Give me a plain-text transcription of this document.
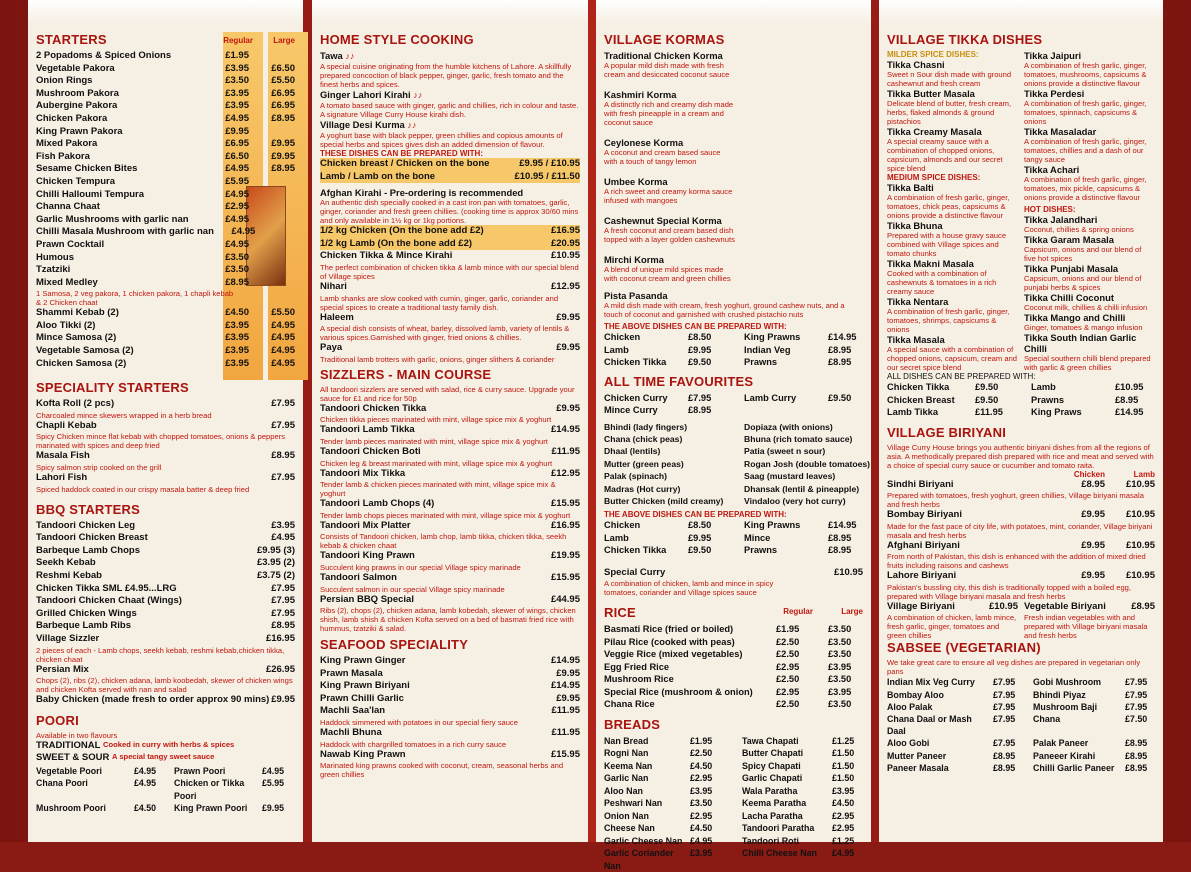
STARTERS	Regular	Large
2 Popadoms & Spiced Onions	£1.95
Vegetable Pakora	£3.95	£6.50
Onion Rings	£3.50	£5.50
Mushroom Pakora	£3.95	£6.95
Aubergine Pakora	£3.95	£6.95
Chicken Pakora	£4.95	£8.95
King Prawn Pakora	£9.95
Mixed Pakora	£6.95	£9.95
Fish Pakora	£6.50	£9.95
Sesame Chicken Bites	£4.95	£8.95
Chicken Tempura	£5.95
Chilli Halloumi Tempura	£4.95
Channa Chaat	£2.95
Garlic Mushrooms with garlic nan	£4.95
Chilli Masala Mushroom with garlic nan	£4.95
Prawn Cocktail	£4.95
Humous	£3.50
Tzatziki	£3.50
Mixed Medley	£8.95
1 Samosa, 2 veg pakora, 1 chicken pakora, 1 chapli kebab & 2 Chicken chaat
Shammi Kebab (2)	£4.50	£5.50
Aloo Tikki (2)	£3.95	£4.95
Mince Samosa (2)	£3.95	£4.95
Vegetable Samosa (2)	£3.95	£4.95
Chicken Samosa (2)	£3.95	£4.95
SPECIALITY STARTERS
Kofta Roll (2 pcs)	£7.95
Charcoaled mince skewers wrapped in a herb bread
Chapli Kebab	£7.95
Spicy Chicken mince flat kebab with chopped tomatoes, onions & peppers marinated with spices and deep fried
Masala Fish	£8.95
Spicy salmon strip cooked on the grill
Lahori Fish	£7.95
Spiced haddock coated in our crispy masala batter & deep fried
BBQ STARTERS
Tandoori Chicken Leg	£3.95
Tandoori Chicken Breast	£4.95
Barbeque Lamb Chops	£9.95 (3)
Seekh Kebab	£3.95 (2)
Reshmi Kebab	£3.75 (2)
Chicken Tikka SML £4.95...LRG	£7.95
Tandoori Chicken Chaat (Wings)	£7.95
Grilled Chicken Wings	£7.95
Barbeque Lamb Ribs	£8.95
Village Sizzler	£16.95
2 pieces of each - Lamb chops, seekh kebab, reshmi kebab,chicken tikka, chicken chaat
Persian Mix	£26.95
Chops (2), ribs (2), chicken adana, lamb koobedah, skewer of chicken wings and chicken Kofta served with nan and salad
Baby Chicken (made fresh to order approx 90 mins) £9.95
POORI
Available in two flavours
TRADITIONAL
Cooked in curry with herbs & spices
SWEET & SOUR
A special tangy sweet sauce
Vegetable Poori	£4.95	Prawn Poori	£4.95
Chana Poori	£4.95	Chicken or Tikka Poori
£5.95
Mushroom Poori	£4.50	King Prawn Poori	£9.95
HOME STYLE COOKING
Tawa ♪♪
A special cuisine originating from the humble kitchens of Lahore. A skillfully prepared concoction of black pepper, ginger, garlic, fresh tomato and the finest herbs and spices.
Ginger Lahori Kirahi ♪♪
A tomato based sauce with ginger, garlic and chillies, rich in colour and taste. A signature Village Curry House kirahi dish.
Village Desi Kurma ♪♪
A yoghurt base with black pepper, green chillies and copious amounts of special herbs and spices gives dish an added dimension of flavour.
THESE DISHES CAN BE PREPARED WITH:
Chicken breast / Chicken on the bone	£9.95 / £10.95
Lamb / Lamb on the bone	£10.95 / £11.50
Afghan Kirahi - Pre-ordering is recommended
An authentic dish specially cooked in a cast iron pan with tomatoes, garlic, ginger, coriander and fresh green chillies. (cooking time is approx 30/60 mins and only available in 1½ kg or 1kg portions.
1/2 kg Chicken (On the bone add £2)	£16.95
1/2 kg Lamb (On the bone add £2)	£20.95
Chicken Tikka & Mince Kirahi	£10.95
The perfect combination of chicken tikka & lamb mince with our special blend of Village spices
Nihari	£12.95
Lamb shanks are slow cooked with cumin, ginger, garlic, coriander and special spices to create a traditional tasty family dish.
Haleem	£9.95
A special dish consists of wheat, barley, dissolved lamb, variety of lentils & various spices.Garnished with ginger, fried onions & chillies.
Paya	£9.95
Traditional lamb trotters with garlic, onions, ginger slithers & coriander
SIZZLERS - MAIN COURSE
All tandoori sizzlers are served with salad, rice & curry sauce. Upgrade your sauce for £1 and rice for 50p
Tandoori Chicken Tikka	£9.95
Chicken tikka pieces marinated with mint, village spice mix & yoghurt
Tandoori Lamb Tikka	£14.95
Tender lamb pieces marinated with mint, village spice mix & yoghurt
Tandoori Chicken Boti	£11.95
Chicken leg & breast marinated with mint, village spice mix & yoghurt
Tandoori Mix Tikka	£12.95
Tender lamb & chicken pieces marinated with mint, village spice mix & yoghurt
Tandoori Lamb Chops (4)	£15.95
Tender lamb chops pieces marinated with mint, village spice mix & yoghurt
Tandoori Mix Platter	£16.95
Consists of Tandoori chicken, lamb chop, lamb tikka, chicken tikka, seekh kebab & chicken chaat
Tandoori King Prawn	£19.95
Succulent king prawns in our special Village spicy marinade
Tandoori Salmon	£15.95
Succulent salmon in our special Village spicy marinade
Persian BBQ Special	£44.95
Ribs (2), chops (2), chicken adana, lamb kobedah, skewer of wings, chicken shish, lamb shish & chicken Kofta served on a bed of basmati fried rice with hummus, tzatziki & salad.
SEAFOOD SPECIALITY
King Prawn Ginger	£14.95
Prawn Masala	£9.95
King Prawn Biriyani	£14.95
Prawn Chilli Garlic	£9.95
Machli Saa'lan	£11.95
Haddock simmered with potatoes in our special fiery sauce
Machli Bhuna	£11.95
Haddock with chargrilled tomatoes in a rich curry sauce
Nawab King Prawn	£15.95
Marinated king prawns cooked with coconut, cream, seasonal herbs and green chillies
VILLAGE KORMAS
Traditional Chicken Korma
A popular mild dish made with fresh cream and desiccated coconut sauce
Kashmiri Korma
A distinctly rich and creamy dish made with fresh pineapple in a cream and coconut sauce
Ceylonese Korma
A coconut and cream based sauce with a touch of tangy lemon
Umbee Korma
A rich sweet and creamy korma sauce infused with mangoes
Cashewnut Special Korma
A fresh coconut and cream based dish topped with a layer golden cashewnuts
Mirchi Korma
A blend of unique mild spices made with coconut cream and green chillies
Pista Pasanda
A mild dish made with cream, fresh yoghurt, ground cashew nuts, and a touch of coconut and garnished with crushed pistachio nuts
THE ABOVE DISHES CAN BE PREPARED WITH:
Chicken	£8.50	King Prawns	£14.95
Lamb	£9.95	Indian Veg	£8.95
Chicken Tikka	£9.50	Prawns	£8.95
ALL TIME FAVOURITES
Chicken Curry	£7.95	Lamb Curry	£9.50
Mince Curry	£8.95
Bhindi (lady fingers)	Dopiaza (with onions)
Chana (chick peas)	Bhuna (rich tomato sauce)
Dhaal (lentils)	Patia (sweet n sour)
Mutter (green peas)	Rogan Josh (double tomatoes)
Palak (spinach)	Saag (mustard leaves)
Madras (Hot curry)	Dhansak (lentil & pineapple)
Butter Chicken (mild creamy)	Vindaloo (very hot curry)
THE ABOVE DISHES CAN BE PREPARED WITH:
Chicken	£8.50	King Prawns	£14.95
Lamb	£9.95	Mince	£8.95
Chicken Tikka	£9.50	Prawns	£8.95
Special Curry	£10.95
A combination of chicken, lamb and mince in spicy tomatoes, coriander and Village spices sauce
RICE	Regular	Large
Basmati Rice (fried or boiled)	£1.95	£3.50
Pilau Rice (cooked with peas)	£2.50	£3.50
Veggie Rice (mixed vegetables)	£2.50	£3.50
Egg Fried Rice	£2.95	£3.95
Mushroom Rice	£2.50	£3.50
Special Rice (mushroom & onion)	£2.95	£3.95
Chana Rice	£2.50	£3.50
BREADS
Nan Bread	£1.95	Tawa Chapati	£1.25
Rogni Nan	£2.50	Butter Chapati	£1.50
Keema Nan	£4.50	Spicy Chapati	£1.50
Garlic Nan	£2.95	Garlic Chapati	£1.50
Aloo Nan	£3.95	Wala Paratha	£3.95
Peshwari Nan	£3.50	Keema Paratha	£4.50
Onion Nan	£2.95	Lacha Paratha	£2.95
Cheese Nan	£4.50	Tandoori Paratha	£2.95
Garlic Cheese Nan £4.95	Tandoori Roti	£1.25
Garlic Coriander Nan
£3.95	Chilli Cheese Nan	£4.95
VILLAGE TIKKA DISHES
MILDER SPICE DISHES:
Tikka Chasni
Sweet n Sour dish made with ground cashewnut and fresh cream
Tikka Butter Masala
Delicate blend of butter, fresh cream, herbs, flaked almonds & ground pistachios
Tikka Creamy Masala
A special creamy sauce with a combination of chopped onions, capsicum, almonds and our secret spice blend
MEDIUM SPICE DISHES:
Tikka Balti
A combination of fresh garlic, ginger, tomatoes, chick peas, capsicums & onions provide a distinctive flavour
Tikka Bhuna
Prepared with a house gravy sauce combined with Village spices and tomato chunks
Tikka Makni Masala
Cooked with a combination of cashewnuts & tomatoes in a rich creamy sauce
Tikka Nentara
A combination of fresh garlic, ginger, tomatoes, shrimps, capsicums & onions
Tikka Masala
A special sauce with a combination of chopped onions, capsicum, cream and our secret spice blend
Tikka Jaipuri
A combination of fresh garlic, ginger, tomatoes, mushrooms, capsicums & onions provide a distinctive flavour
Tikka Perdesi
A combination of fresh garlic, ginger, tomatoes, spinnach, capsicums & onions
Tikka Masaladar
A combination of fresh garlic, ginger, tomatoes, chillies and a dash of our tangy sauce
Tikka Achari
A combination of fresh garlic, ginger, tomatoes, mix pickle, capsicums & onions provide a distinctive flavour
HOT DISHES:
Tikka Jalandhari
Coconut, chillies & spring onions
Tikka Garam Masala
Capsicum, onions and our blend of five hot spices
Tikka Punjabi Masala
Capsicum, onions and our blend of punjabi herbs & spices
Tikka Chilli Coconut
Coconut milk, chillies & chilli infusion
Tikka Mango and Chilli
Ginger, tomatoes & mango infusion
Tikka South Indian Garlic Chilli
Special southern chilli blend prepared with garlic & green chillies
ALL DISHES CAN BE PREPARED WITH:
Chicken Tikka	£9.50	Lamb	£10.95
Chicken Breast	£9.50	Prawns	£8.95
Lamb Tikka	£11.95	King Praws	£14.95
VILLAGE BIRIYANI
Village Curry House brings you authentic biriyani dishes from all the regions of asia. A methodically prepared dish prepared with rice and meat and served with a choice of special curry sauce or cucumber and tomato raita.
Chicken	Lamb
Sindhi Biriyani	£8.95	£10.95
Prepared with tomatoes, fresh yoghurt, green chillies, Village biriyani masala and fresh herbs
Bombay Biriyani	£9.95	£10.95
Made for the fast pace of city life, with potatoes, mint, coriander, Village biriyani masala and fresh herbs
Afghani Biriyani	£9.95	£10.95
From north of Pakistan, this dish is enhanced with the addition of mixed dried fruits including raisons and cashews
Lahore Biriyani	£9.95	£10.95
Pakistan's bussling city, this dish is traditionally topped with a boiled egg, prepared with Village biriyani masala and fresh herbs
Village Biriyani	£10.95
A combination of chicken, lamb mince, fresh garlic, ginger, tomatoes and green chillies
Vegetable Biriyani	£8.95
Fresh indian vegetables with and prepared with Village biriyani masala and fresh herbs
SABSEE (VEGETARIAN)
We take great care to ensure all veg dishes are prepared in vegetarian only pans
Indian Mix Veg Curry	£7.95	Gobi Mushroom	£7.95
Bombay Aloo	£7.95	Bhindi Piyaz	£7.95
Aloo Palak	£7.95	Mushroom Baji	£7.95
Chana Daal or Mash Daal
£7.95	Chana	£7.50
Aloo Gobi	£7.95	Palak Paneer	£8.95
Mutter Paneer	£8.95	Paneeer Kirahi	£8.95
Paneer Masala	£8.95	Chilli Garlic Paneer	£8.95
